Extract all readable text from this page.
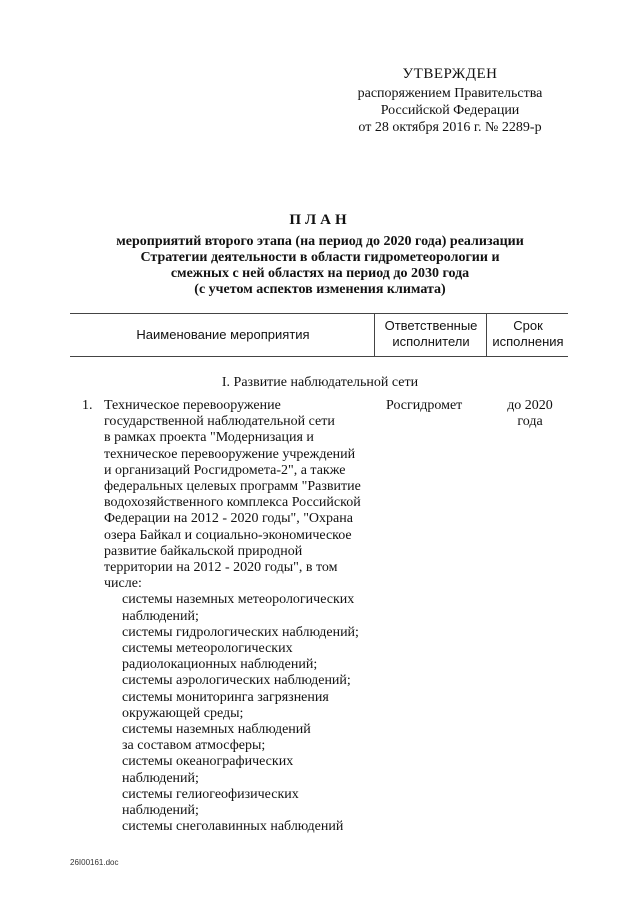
УТВЕРЖДЕН
распоряжением Правительства
Российской Федерации
от 28 октября 2016 г. № 2289-р
ПЛАН
мероприятий второго этапа (на период до 2020 года) реализации
Стратегии деятельности в области гидрометеорологии и
смежных с ней областях на период до 2030 года
(с учетом аспектов изменения климата)
Наименование мероприятия
Ответственные
исполнители
Срок
исполнения
I. Развитие наблюдательной сети
1. Техническое перевооружение
государственной наблюдательной сети
в рамках проекта "Модернизация и
техническое перевооружение учреждений
и организаций Росгидромета-2", а также
федеральных целевых программ "Развитие
водохозяйственного комплекса Российской
Федерации на 2012 - 2020 годы", "Охрана
озера Байкал и социально-экономическое
развитие байкальской природной
территории на 2012 - 2020 годы", в том
числе:
системы наземных метеорологических
наблюдений;
системы гидрологических наблюдений;
системы метеорологических
радиолокационных наблюдений;
системы аэрологических наблюдений;
системы мониторинга загрязнения
окружающей среды;
системы наземных наблюдений
за составом атмосферы;
системы океанографических
наблюдений;
системы гелиогеофизических
наблюдений;
системы снеголавинных наблюдений
Росгидромет	до 2020
года
26I00161.doc
